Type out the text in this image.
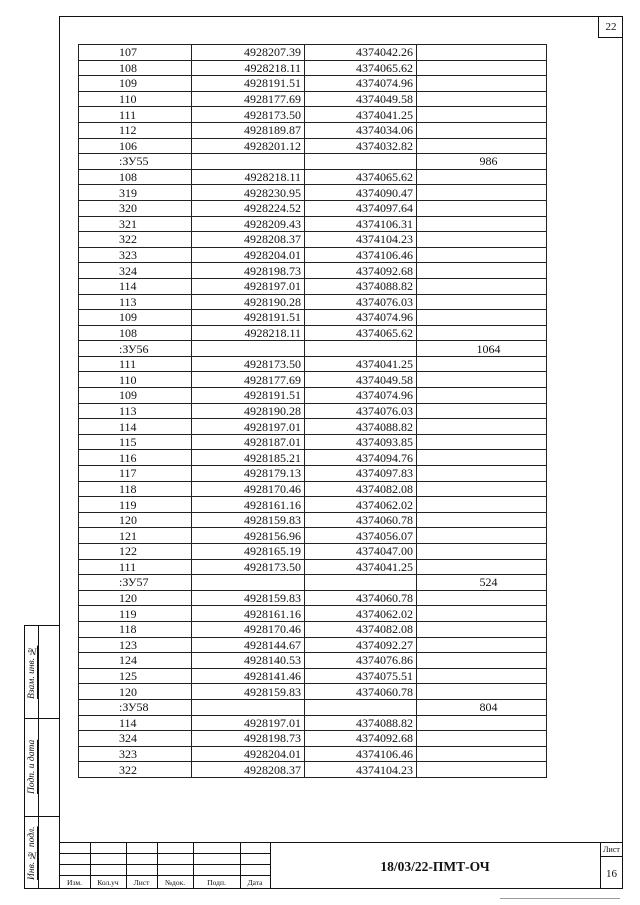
22
107	4928207.39	4374042.26	
108	4928218.11	4374065.62	
109	4928191.51	4374074.96	
110	4928177.69	4374049.58	
111	4928173.50	4374041.25	
112	4928189.87	4374034.06	
106	4928201.12	4374032.82	
:ЗУ55			986
108	4928218.11	4374065.62	
319	4928230.95	4374090.47	
320	4928224.52	4374097.64	
321	4928209.43	4374106.31	
322	4928208.37	4374104.23	
323	4928204.01	4374106.46	
324	4928198.73	4374092.68	
114	4928197.01	4374088.82	
113	4928190.28	4374076.03	
109	4928191.51	4374074.96	
108	4928218.11	4374065.62	
:ЗУ56			1064
111	4928173.50	4374041.25	
110	4928177.69	4374049.58	
109	4928191.51	4374074.96	
113	4928190.28	4374076.03	
114	4928197.01	4374088.82	
115	4928187.01	4374093.85	
116	4928185.21	4374094.76	
117	4928179.13	4374097.83	
118	4928170.46	4374082.08	
119	4928161.16	4374062.02	
120	4928159.83	4374060.78	
121	4928156.96	4374056.07	
122	4928165.19	4374047.00	
111	4928173.50	4374041.25	
:ЗУ57			524
120	4928159.83	4374060.78	
119	4928161.16	4374062.02	
118	4928170.46	4374082.08	
123	4928144.67	4374092.27	
124	4928140.53	4374076.86	
125	4928141.46	4374075.51	
120	4928159.83	4374060.78	
:ЗУ58			804
114	4928197.01	4374088.82	
324	4928198.73	4374092.68	
323	4928204.01	4374106.46	
322	4928208.37	4374104.23	
Взам. инв. №
Подп. и дата
Инв. № подл.
Изм.	Кол.уч	Лист	№док.	Подп.	Дата
18/03/22-ПМТ-ОЧ
Лист
16
